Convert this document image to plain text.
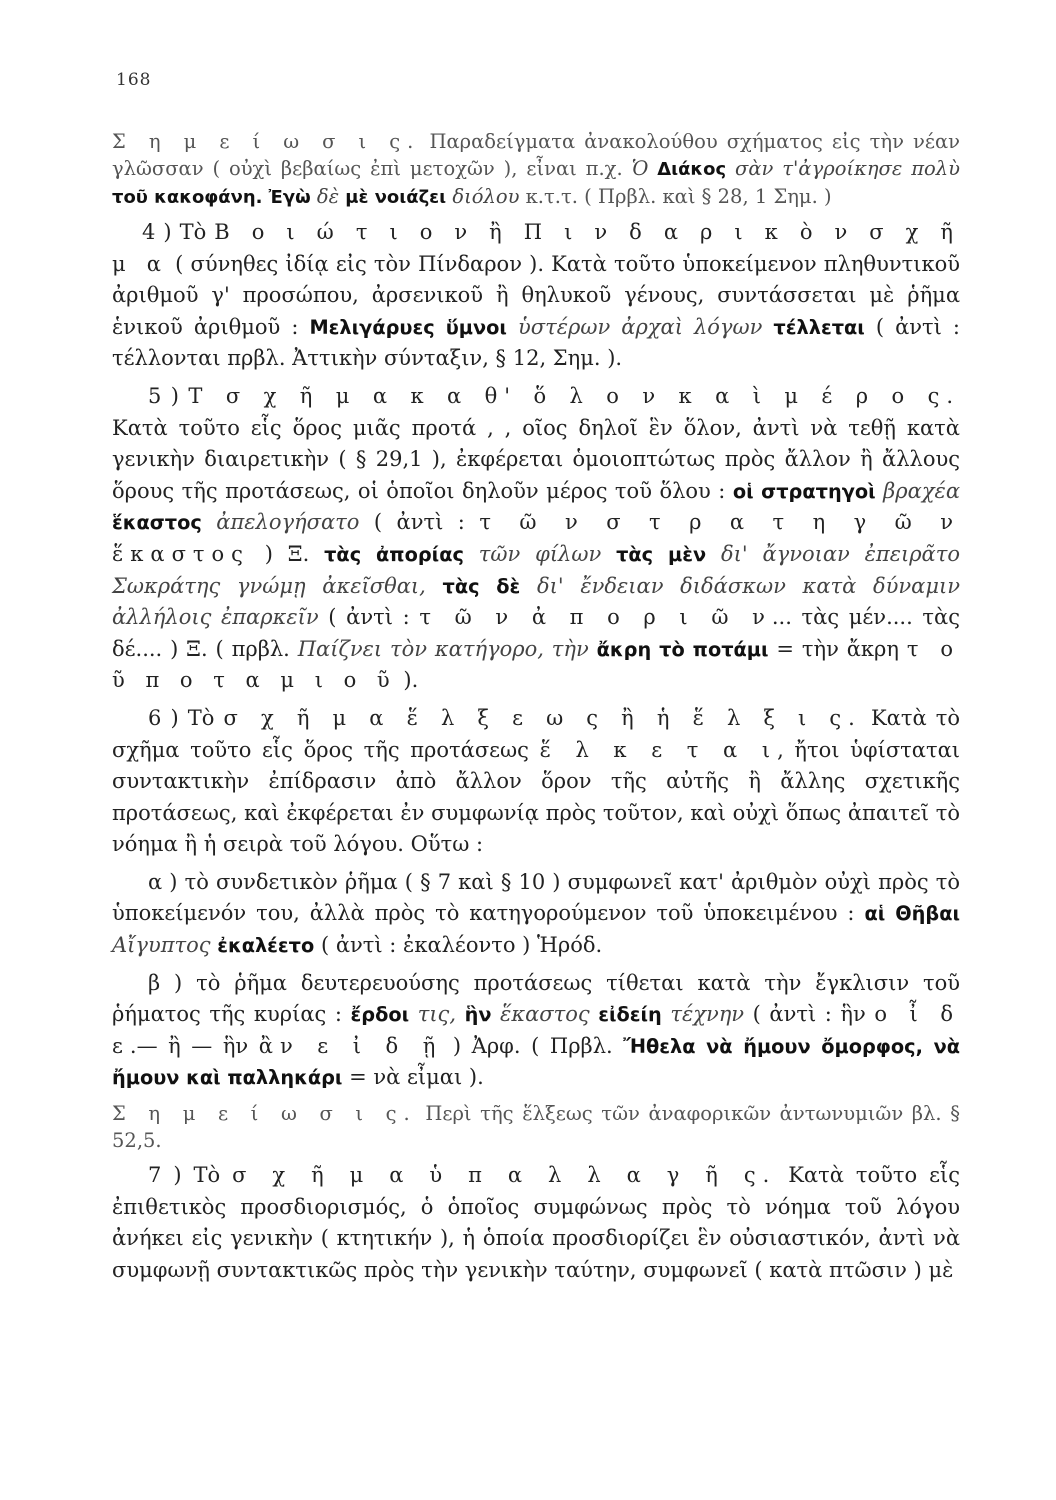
168

Σ η μ ε ί ω σ ι ς. Παραδείγματα ἀνακολούθου σχήματος εἰς τὴν νέαν γλῶσσαν ( οὐχὶ βεβαίως ἐπὶ μετοχῶν ), εἶναι π.χ. Ὁ Διάκος σὰν τ'ἀγροίκησε πολὺ τοῦ κακοφάνη. Ἐγὼ δὲ μὲ νοιάζει διόλου κ.τ.τ. ( Πρβλ. καὶ § 28, 1 Σημ. )

4 ) Τὸ Β ο ι ώ τ ι ο ν ἢ Π ι ν δ α ρ ι κ ὸ ν σ χ ῆ μ α ( σύνηθες ἰδίᾳ εἰς τὸν Πίνδαρον ). Κατὰ τοῦτο ὑποκείμενον πληθυντικοῦ ἀριθμοῦ γ' προσώπου, ἀρσενικοῦ ἢ θηλυκοῦ γένους, συντάσσεται μὲ ῥῆμα ἑνικοῦ ἀριθμοῦ : Μελιγάρυες ὕμνοι ὑστέρων ἀρχαὶ λόγων τέλλεται ( ἀντὶ : τέλλονται πρβλ. Ἀττικὴν σύνταξιν, § 12, Σημ. ).

5 ) Τ σ χ ῆ μ α κ α θ' ὅ λ ο ν κ α ὶ μ έ ρ ο ς. Κατὰ τοῦτο εἷς ὅρος μιᾶς προτά , , οῖος δηλοῖ ἓν ὅλον, ἀντὶ νὰ τεθῇ κατὰ γενικὴν διαιρετικὴν ( § 29,1 ), ἐκφέρεται ὁμοιοπτώτως πρὸς ἄλλον ἢ ἄλλους ὅρους τῆς προτάσεως, οἱ ὁποῖοι δηλοῦν μέρος τοῦ ὅλου : οἱ στρατηγοὶ βραχέα ἕκαστος ἀπελογήσατο ( ἀντὶ : τ ῶ ν σ τ ρ α τ η γ ῶ ν ἕκαστος ) Ξ. τὰς ἀπορίας τῶν φίλων τὰς μὲν δι' ἄγνοιαν ἐπειρᾶτο Σωκράτης γνώμῃ ἀκεῖσθαι, τὰς δὲ δι' ἔνδειαν διδάσκων κατὰ δύναμιν ἀλλήλοις ἐπαρκεῖν ( ἀντὶ : τ ῶ ν ἀ π ο ρ ι ῶ ν... τὰς μέν.... τὰς δέ.... ) Ξ. ( πρβλ. Παίζνει τὸν κατήγορο, τὴν ἄκρη τὸ ποτάμι = τὴν ἄκρη τ ο ῦ π ο τ α μ ι ο ῦ ).

6 ) Τὸ σ χ ῆ μ α ἕ λ ξ ε ω ς ἢ ἡ ἕ λ ξ ι ς. Κατὰ τὸ σχῆμα τοῦτο εἷς ὅρος τῆς προτάσεως ἕ λ κ ε τ α ι, ἤτοι ὑφίσταται συντακτικὴν ἐπίδρασιν ἀπὸ ἄλλον ὅρον τῆς αὐτῆς ἢ ἄλλης σχετικῆς προτάσεως, καὶ ἐκφέρεται ἐν συμφωνίᾳ πρὸς τοῦτον, καὶ οὐχὶ ὅπως ἀπαιτεῖ τὸ νόημα ἢ ἡ σειρὰ τοῦ λόγου. Οὕτω :

α ) τὸ συνδετικὸν ῥῆμα ( § 7 καὶ § 10 ) συμφωνεῖ κατ' ἀριθμὸν οὐχὶ πρὸς τὸ ὑποκείμενόν του, ἀλλὰ πρὸς τὸ κατηγορούμενον τοῦ ὑποκειμένου : αἱ Θῆβαι Αἴγυπτος ἐκαλέετο ( ἀντὶ : ἐκαλέοντο ) Ἡρόδ.

β ) τὸ ῥῆμα δευτερευούσης προτάσεως τίθεται κατὰ τὴν ἔγκλισιν τοῦ ῥήματος τῆς κυρίας : ἔρδοι τις, ἣν ἕκαστος εἰδείη τέχνην ( ἀντὶ : ἣν ο ἶ δ ε.— ἢ — ἣν ἂν ε ἰ δ ῇ ) Ἀρφ. ( Πρβλ. Ἤθελα νὰ ἤμουν ὄμορφος, νὰ ἤμουν καὶ παλληκάρι = νὰ εἶμαι ).

Σ η μ ε ί ω σ ι ς. Περὶ τῆς ἕλξεως τῶν ἀναφορικῶν ἀντωνυμιῶν βλ. § 52,5.

7 ) Τὸ σ χ ῆ μ α ὑ π α λ λ α γ ῆ ς. Κατὰ τοῦτο εἷς ἐπιθετικὸς προσδιορισμός, ὁ ὁποῖος συμφώνως πρὸς τὸ νόημα τοῦ λόγου ἀνήκει εἰς γενικὴν ( κτητικήν ), ἡ ὁποία προσδιορίζει ἓν οὐσιαστικόν, ἀντὶ νὰ συμφωνῇ συντακτικῶς πρὸς τὴν γενικὴν ταύτην, συμφωνεῖ ( κατὰ πτῶσιν ) μὲ
